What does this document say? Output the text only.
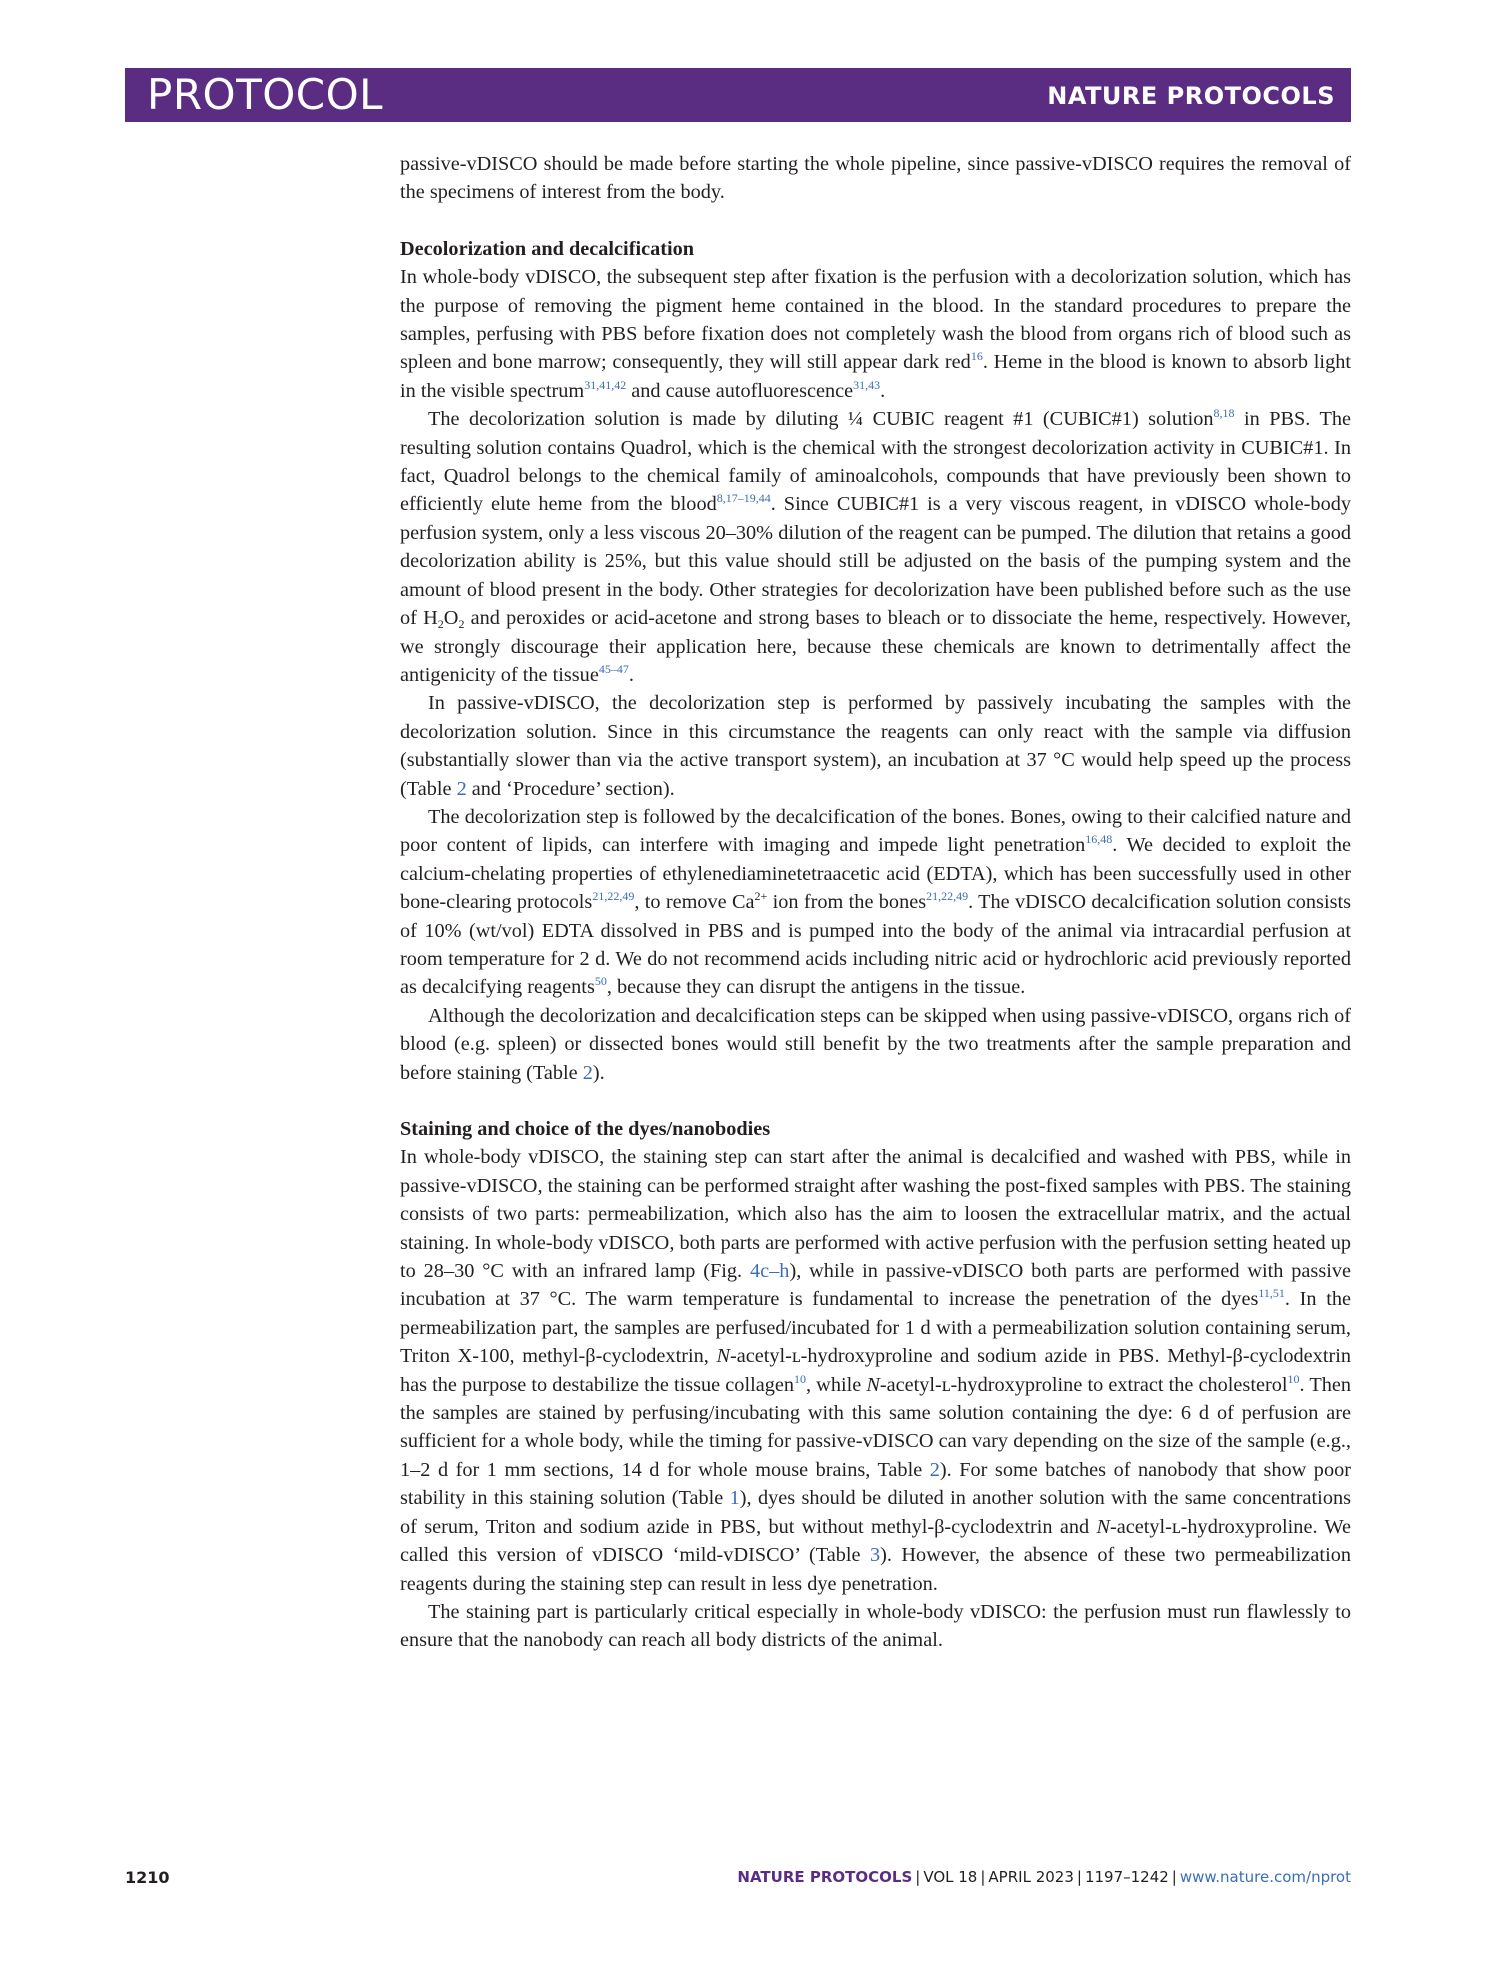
PROTOCOL	NATURE PROTOCOLS

passive-vDISCO should be made before starting the whole pipeline, since passive-vDISCO requires the removal of the specimens of interest from the body.

Decolorization and decalcification

In whole-body vDISCO, the subsequent step after fixation is the perfusion with a decolorization solution, which has the purpose of removing the pigment heme contained in the blood. In the standard procedures to prepare the samples, perfusing with PBS before fixation does not completely wash the blood from organs rich of blood such as spleen and bone marrow; consequently, they will still appear dark red$^{16}$. Heme in the blood is known to absorb light in the visible spectrum$^{31,41,42}$ and cause autofluorescence$^{31,43}$.

The decolorization solution is made by diluting ¼ CUBIC reagent #1 (CUBIC#1) solution$^{8,18}$ in PBS. The resulting solution contains Quadrol, which is the chemical with the strongest decolorization activity in CUBIC#1. In fact, Quadrol belongs to the chemical family of aminoalcohols, compounds that have previously been shown to efficiently elute heme from the blood$^{8,17-19,44}$. Since CUBIC#1 is a very viscous reagent, in vDISCO whole-body perfusion system, only a less viscous 20–30% dilution of the reagent can be pumped. The dilution that retains a good decolorization ability is 25%, but this value should still be adjusted on the basis of the pumping system and the amount of blood present in the body. Other strategies for decolorization have been published before such as the use of $H_2O_2$ and peroxides or acid-acetone and strong bases to bleach or to dissociate the heme, respectively. However, we strongly discourage their application here, because these chemicals are known to detrimentally affect the antigenicity of the tissue$^{45-47}$.

In passive-vDISCO, the decolorization step is performed by passively incubating the samples with the decolorization solution. Since in this circumstance the reagents can only react with the sample via diffusion (substantially slower than via the active transport system), an incubation at 37 °C would help speed up the process (Table 2 and ‘Procedure’ section).

The decolorization step is followed by the decalcification of the bones. Bones, owing to their calcified nature and poor content of lipids, can interfere with imaging and impede light penetration$^{16,48}$. We decided to exploit the calcium-chelating properties of ethylenediaminetetraacetic acid (EDTA), which has been successfully used in other bone-clearing protocols$^{21,22,49}$, to remove $Ca^{2+}$ ion from the bones$^{21,22,49}$. The vDISCO decalcification solution consists of 10% (wt/vol) EDTA dissolved in PBS and is pumped into the body of the animal via intracardial perfusion at room temperature for 2 d. We do not recommend acids including nitric acid or hydrochloric acid previously reported as decalcifying reagents$^{50}$, because they can disrupt the antigens in the tissue.

Although the decolorization and decalcification steps can be skipped when using passive-vDISCO, organs rich of blood (e.g. spleen) or dissected bones would still benefit by the two treatments after the sample preparation and before staining (Table 2).

Staining and choice of the dyes/nanobodies

In whole-body vDISCO, the staining step can start after the animal is decalcified and washed with PBS, while in passive-vDISCO, the staining can be performed straight after washing the post-fixed samples with PBS. The staining consists of two parts: permeabilization, which also has the aim to loosen the extracellular matrix, and the actual staining. In whole-body vDISCO, both parts are performed with active perfusion with the perfusion setting heated up to 28–30 °C with an infrared lamp (Fig. 4c–h), while in passive-vDISCO both parts are performed with passive incubation at 37 °C. The warm temperature is fundamental to increase the penetration of the dyes$^{11,51}$. In the permeabilization part, the samples are perfused/incubated for 1 d with a permeabilization solution containing serum, Triton X-100, methyl-β-cyclodextrin, N-acetyl-ʟ-hydroxyproline and sodium azide in PBS. Methyl-β-cyclodextrin has the purpose to destabilize the tissue collagen$^{10}$, while N-acetyl-ʟ-hydroxyproline to extract the cholesterol$^{10}$. Then the samples are stained by perfusing/incubating with this same solution containing the dye: 6 d of perfusion are sufficient for a whole body, while the timing for passive-vDISCO can vary depending on the size of the sample (e.g., 1–2 d for 1 mm sections, 14 d for whole mouse brains, Table 2). For some batches of nanobody that show poor stability in this staining solution (Table 1), dyes should be diluted in another solution with the same concentrations of serum, Triton and sodium azide in PBS, but without methyl-β-cyclodextrin and N-acetyl-ʟ-hydroxyproline. We called this version of vDISCO ‘mild-vDISCO’ (Table 3). However, the absence of these two permeabilization reagents during the staining step can result in less dye penetration.

The staining part is particularly critical especially in whole-body vDISCO: the perfusion must run flawlessly to ensure that the nanobody can reach all body districts of the animal.

1210	NATURE PROTOCOLS | VOL 18 | APRIL 2023 | 1197–1242 | www.nature.com/nprot
